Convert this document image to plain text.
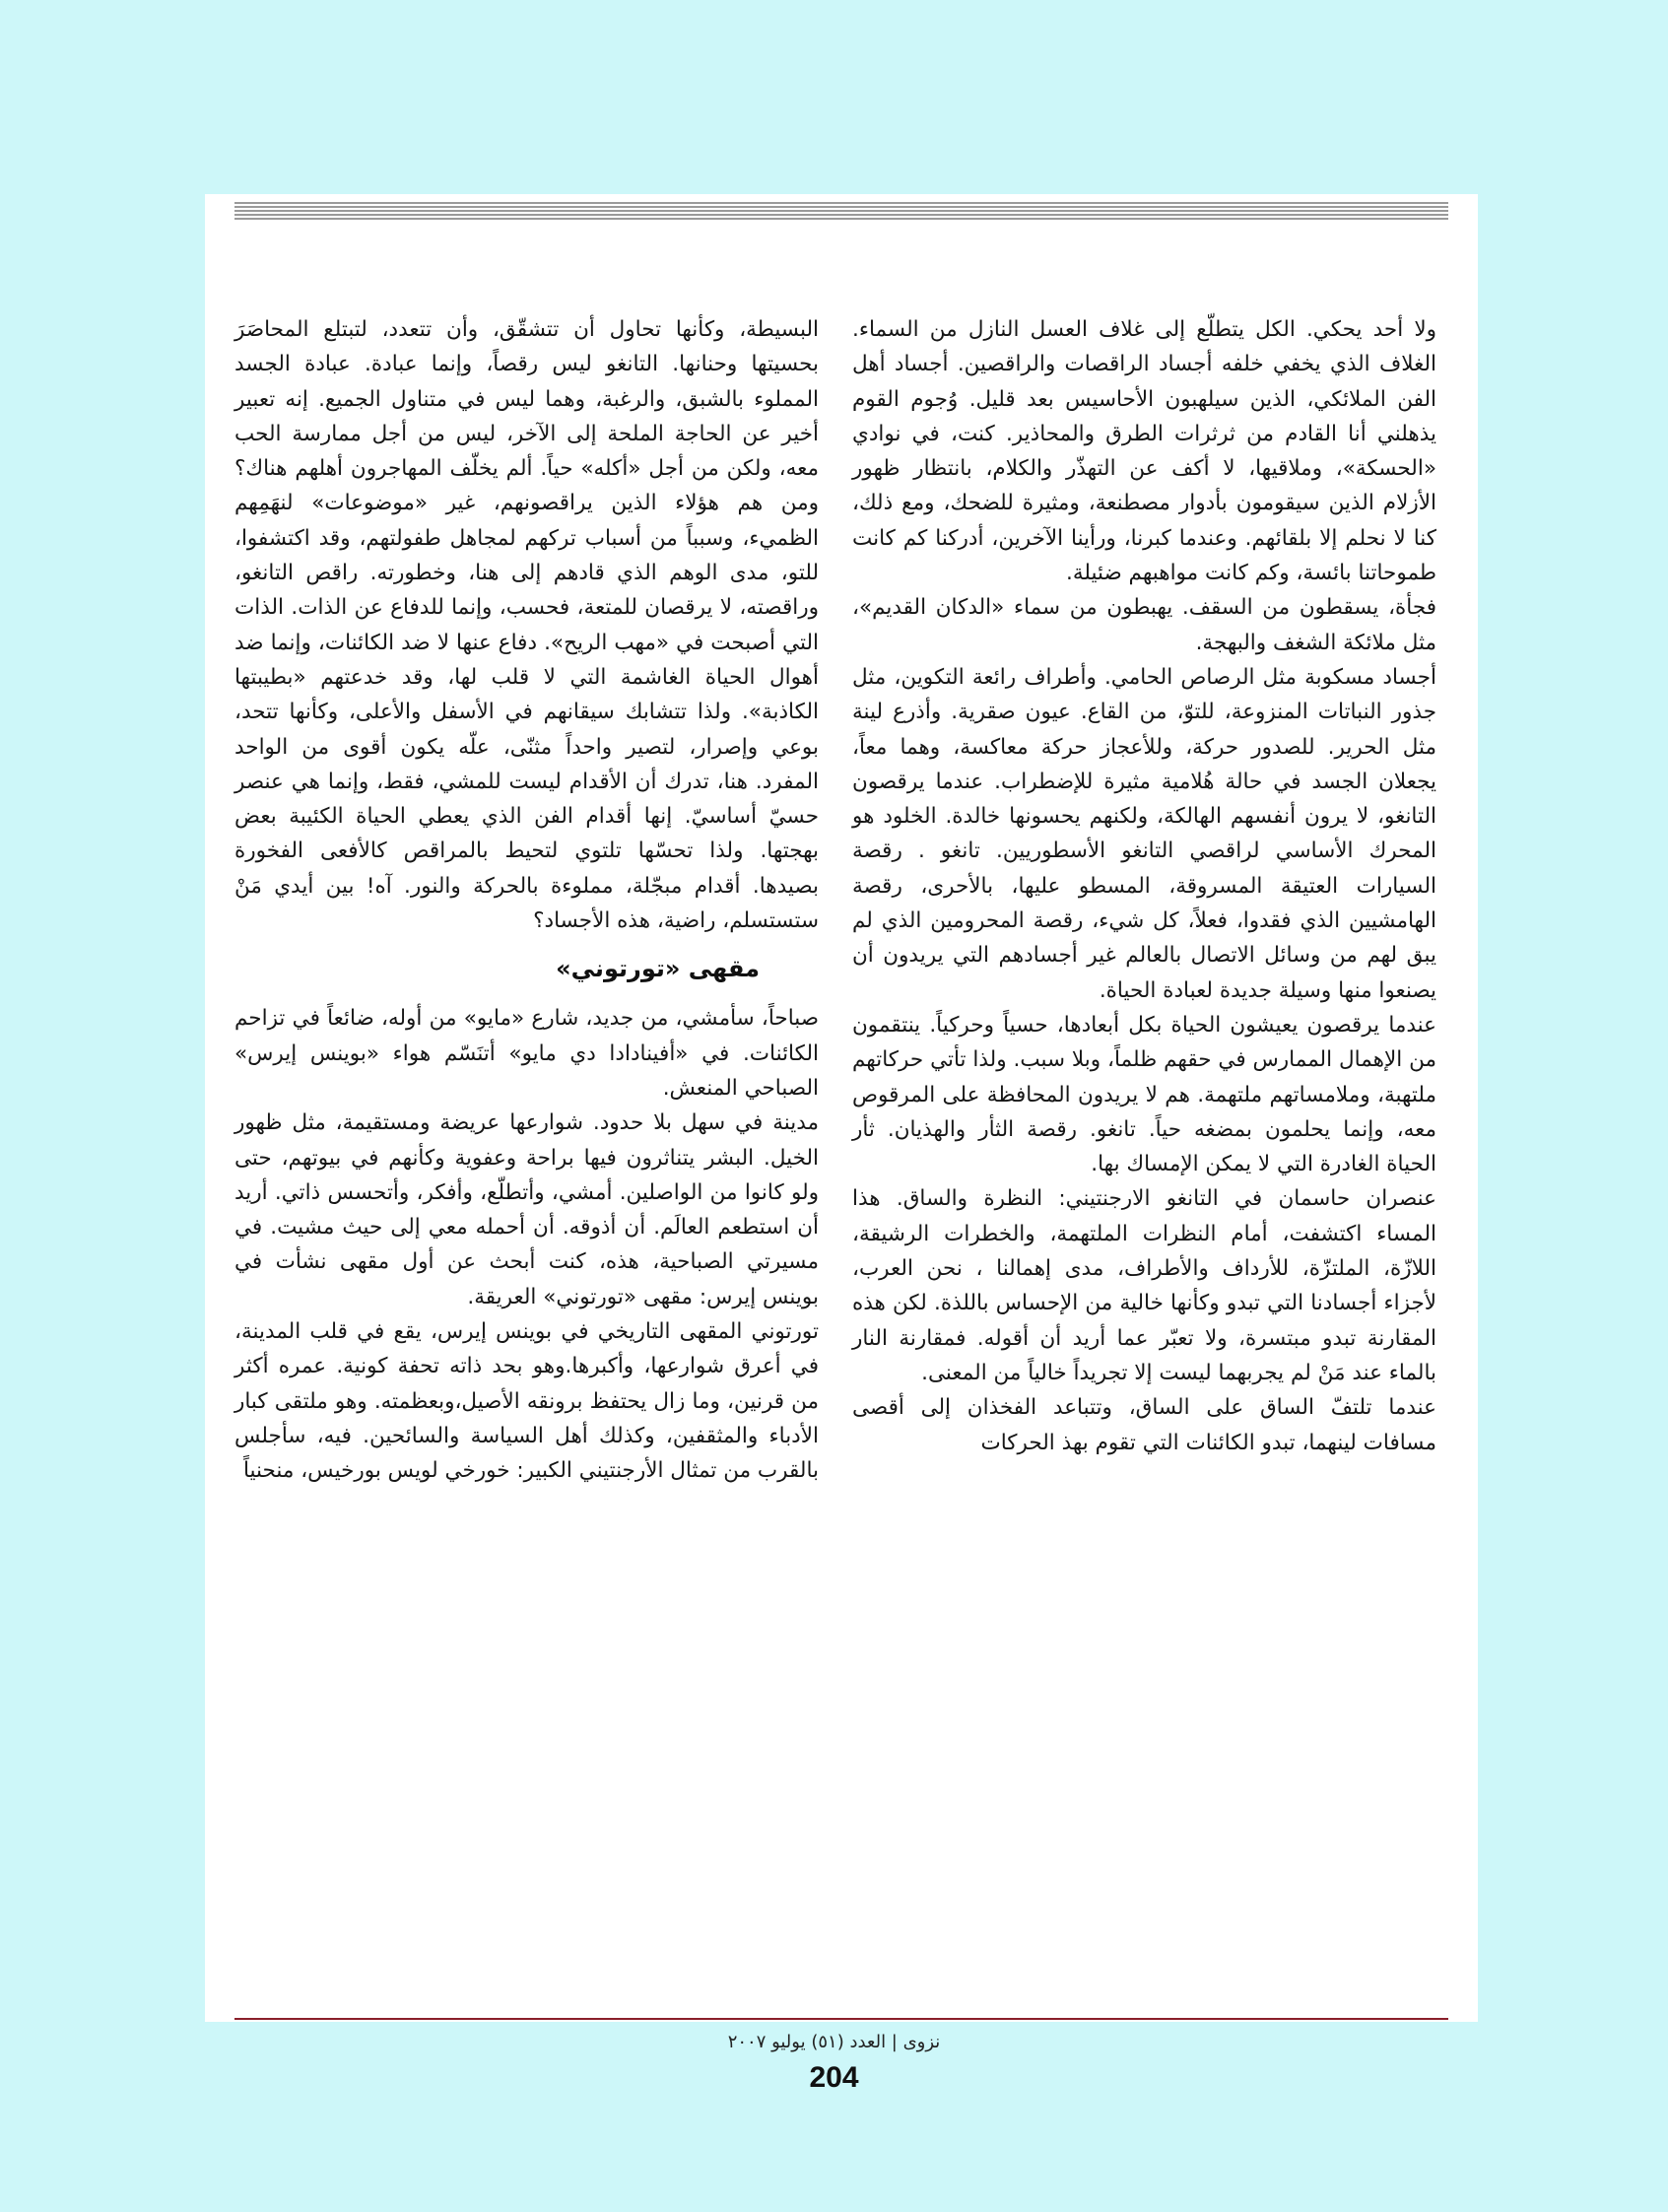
ولا أحد يحكي. الكل يتطلّع إلى غلاف العسل النازل من السماء. الغلاف الذي يخفي خلفه أجساد الراقصات والراقصين. أجساد أهل الفن الملائكي، الذين سيلهبون الأحاسيس بعد قليل. وُجوم القوم يذهلني أنا القادم من ثرثرات الطرق والمحاذير. كنت، في نوادي «الحسكة»، وملاقيها، لا أكف عن التهذّر والكلام، بانتظار ظهور الأزلام الذين سيقومون بأدوار مصطنعة، ومثيرة للضحك، ومع ذلك، كنا لا نحلم إلا بلقائهم. وعندما كبرنا، ورأينا الآخرين، أدركنا كم كانت طموحاتنا بائسة، وكم كانت مواهبهم ضئيلة.

فجأة، يسقطون من السقف. يهبطون من سماء «الدكان القديم»، مثل ملائكة الشغف والبهجة.

أجساد مسكوبة مثل الرصاص الحامي. وأطراف رائعة التكوين، مثل جذور النباتات المنزوعة، للتوّ، من القاع. عيون صقرية. وأذرع لينة مثل الحرير. للصدور حركة، وللأعجاز حركة معاكسة، وهما معاً، يجعلان الجسد في حالة هُلامية مثيرة للإضطراب. عندما يرقصون التانغو، لا يرون أنفسهم الهالكة، ولكنهم يحسونها خالدة. الخلود هو المحرك الأساسي لراقصي التانغو الأسطوريين. تانغو . رقصة السيارات العتيقة المسروقة، المسطو عليها، بالأحرى، رقصة الهامشيين الذي فقدوا، فعلاً، كل شيء، رقصة المحرومين الذي لم يبق لهم من وسائل الاتصال بالعالم غير أجسادهم التي يريدون أن يصنعوا منها وسيلة جديدة لعبادة الحياة.

عندما يرقصون يعيشون الحياة بكل أبعادها، حسياً وحركياً. ينتقمون من الإهمال الممارس في حقهم ظلماً، وبلا سبب. ولذا تأتي حركاتهم ملتهبة، وملامساتهم ملتهمة. هم لا يريدون المحافظة على المرقوص معه، وإنما يحلمون بمضغه حياً. تانغو. رقصة الثأر والهذيان. ثأر الحياة الغادرة التي لا يمكن الإمساك بها.

عنصران حاسمان في التانغو الارجنتيني: النظرة والساق. هذا المساء اكتشفت، أمام النظرات الملتهمة، والخطرات الرشيقة، اللازّة، الملتزّة، للأرداف والأطراف، مدى إهمالنا ، نحن العرب، لأجزاء أجسادنا التي تبدو وكأنها خالية من الإحساس باللذة. لكن هذه المقارنة تبدو مبتسرة، ولا تعبّر عما أريد أن أقوله. فمقارنة النار بالماء عند مَنْ لم يجربهما ليست إلا تجريداً خالياً من المعنى.

عندما تلتفّ الساق على الساق، وتتباعد الفخذان إلى أقصى مسافات لينهما، تبدو الكائنات التي تقوم بهذ الحركات

البسيطة، وكأنها تحاول أن تتشقّق، وأن تتعدد، لتبتلع المحاصَرَ بحسيتها وحنانها. التانغو ليس رقصاً، وإنما عبادة. عبادة الجسد المملوء بالشبق، والرغبة، وهما ليس في متناول الجميع. إنه تعبير أخير عن الحاجة الملحة إلى الآخر، ليس من أجل ممارسة الحب معه، ولكن من أجل «أكله» حياً. ألم يخلّف المهاجرون أهلهم هناك؟ ومن هم هؤلاء الذين يراقصونهم، غير «موضوعات» لنهَمِهم الظميء، وسبباً من أسباب تركهم لمجاهل طفولتهم، وقد اكتشفوا، للتو، مدى الوهم الذي قادهم إلى هنا، وخطورته. راقص التانغو، وراقصته، لا يرقصان للمتعة، فحسب، وإنما للدفاع عن الذات. الذات التي أصبحت في «مهب الريح». دفاع عنها لا ضد الكائنات، وإنما ضد أهوال الحياة الغاشمة التي لا قلب لها، وقد خدعتهم «بطيبتها الكاذبة». ولذا تتشابك سيقانهم في الأسفل والأعلى، وكأنها تتحد، بوعي وإصرار، لتصير واحداً مثنّى، علّه يكون أقوى من الواحد المفرد. هنا، تدرك أن الأقدام ليست للمشي، فقط، وإنما هي عنصر حسيّ أساسيّ. إنها أقدام الفن الذي يعطي الحياة الكئيبة بعض بهجتها. ولذا تحسّها تلتوي لتحيط بالمراقص كالأفعى الفخورة بصيدها. أقدام مبجّلة، مملوءة بالحركة والنور. آه! بين أيدي مَنْ ستستسلم، راضية، هذه الأجساد؟

مقهى «تورتوني»

صباحاً، سأمشي، من جديد، شارع «مايو» من أوله، ضائعاً في تزاحم الكائنات. في «أفينادادا دي مايو» أتنَسّم هواء «بوينس إيرس» الصباحي المنعش.

مدينة في سهل بلا حدود. شوارعها عريضة ومستقيمة، مثل ظهور الخيل. البشر يتناثرون فيها براحة وعفوية وكأنهم في بيوتهم، حتى ولو كانوا من الواصلين. أمشي، وأتطلّع، وأفكر، وأتحسس ذاتي. أريد أن استطعم العالَم. أن أذوقه. أن أحمله معي إلى حيث مشيت. في مسيرتي الصباحية، هذه، كنت أبحث عن أول مقهى نشأت في بوينس إيرس: مقهى «تورتوني» العريقة.

تورتوني المقهى التاريخي في بوينس إيرس، يقع في قلب المدينة، في أعرق شوارعها، وأكبرها.وهو بحد ذاته تحفة كونية. عمره أكثر من قرنين، وما زال يحتفظ برونقه الأصيل،وبعظمته. وهو ملتقى كبار الأدباء والمثقفين، وكذلك أهل السياسة والسائحين. فيه، سأجلس بالقرب من تمثال الأرجنتيني الكبير: خورخي لويس بورخيس، منحنياً

نزوى | العدد (٥١) يوليو ٢٠٠٧
204
